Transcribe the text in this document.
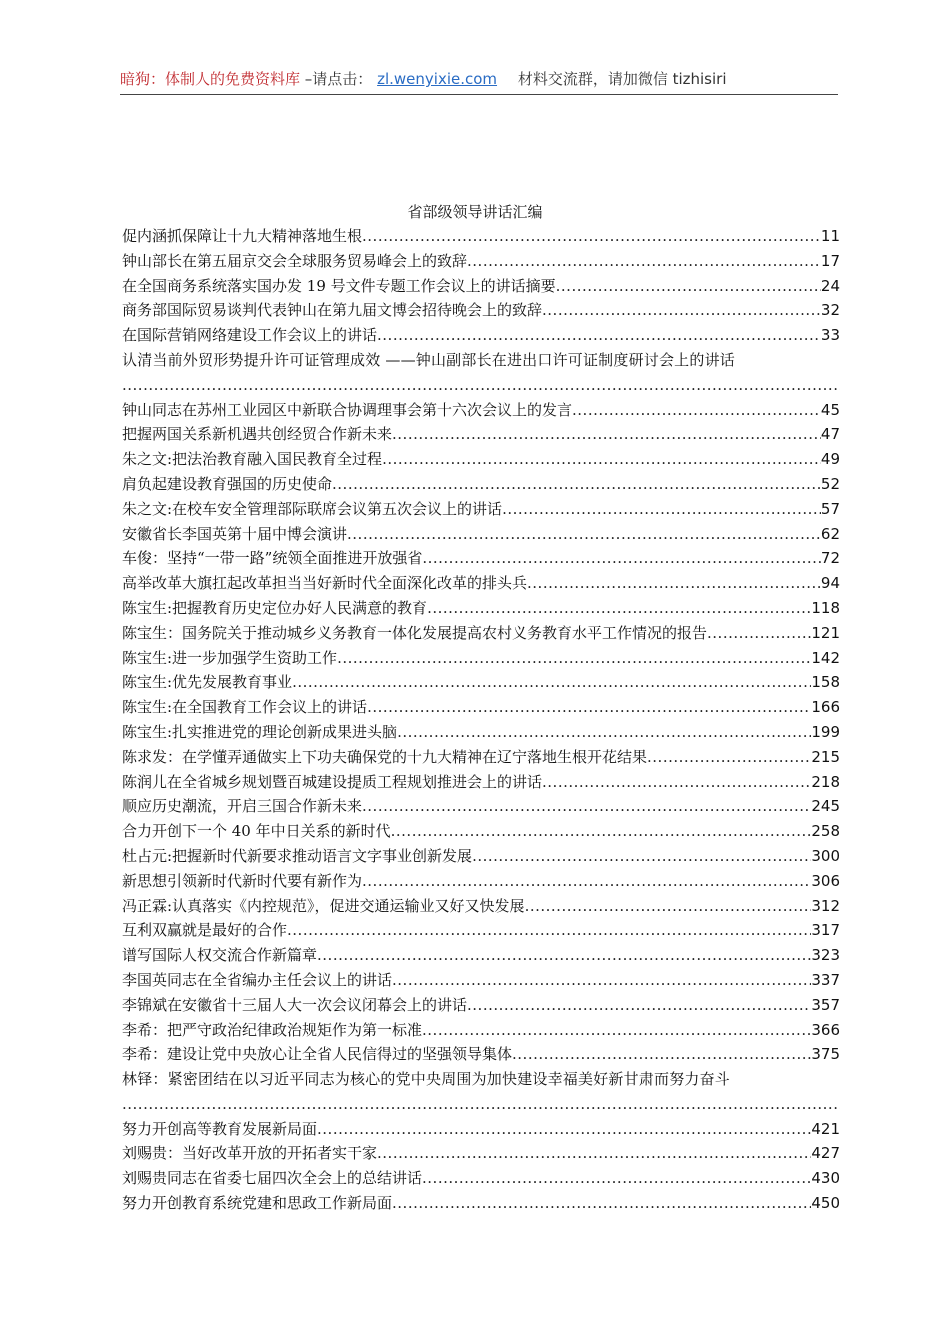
暗狗：体制人的免费资料库 –请点击： zl.wenyixie.com 材料交流群，请加微信 tizhisiri
省部级领导讲话汇编
促内涵抓保障让十九大精神落地生根 .....	11
钟山部长在第五届京交会全球服务贸易峰会上的致辞 .....	17
在全国商务系统落实国办发 19 号文件专题工作会议上的讲话摘要 .....	24
商务部国际贸易谈判代表钟山在第九届文博会招待晚会上的致辞 .....	32
在国际营销网络建设工作会议上的讲话 .....	33
认清当前外贸形势提升许可证管理成效 ——钟山副部长在进出口许可证制度研讨会上的讲话
.....
钟山同志在苏州工业园区中新联合协调理事会第十六次会议上的发言 .....	45
把握两国关系新机遇共创经贸合作新未来 .....	47
朱之文:把法治教育融入国民教育全过程 .....	49
肩负起建设教育强国的历史使命 .....	52
朱之文:在校车安全管理部际联席会议第五次会议上的讲话 .....	57
安徽省长李国英第十届中博会演讲 .....	62
车俊：坚持“一带一路”统领全面推进开放强省 .....	72
高举改革大旗扛起改革担当当好新时代全面深化改革的排头兵 .....	94
陈宝生:把握教育历史定位办好人民满意的教育 .....	118
陈宝生：国务院关于推动城乡义务教育一体化发展提高农村义务教育水平工作情况的报告 .....	121
陈宝生:进一步加强学生资助工作 .....	142
陈宝生:优先发展教育事业 .....	158
陈宝生:在全国教育工作会议上的讲话 .....	166
陈宝生:扎实推进党的理论创新成果进头脑 .....	199
陈求发：在学懂弄通做实上下功夫确保党的十九大精神在辽宁落地生根开花结果 .....	215
陈润儿在全省城乡规划暨百城建设提质工程规划推进会上的讲话 .....	218
顺应历史潮流，开启三国合作新未来 .....	245
合力开创下一个 40 年中日关系的新时代 .....	258
杜占元:把握新时代新要求推动语言文字事业创新发展 .....	300
新思想引领新时代新时代要有新作为 .....	306
冯正霖:认真落实《内控规范》，促进交通运输业又好又快发展 .....	312
互利双赢就是最好的合作 .....	317
谱写国际人权交流合作新篇章 .....	323
李国英同志在全省编办主任会议上的讲话 .....	337
李锦斌在安徽省十三届人大一次会议闭幕会上的讲话 .....	357
李希：把严守政治纪律政治规矩作为第一标准 .....	366
李希：建设让党中央放心让全省人民信得过的坚强领导集体 .....	375
林铎：紧密团结在以习近平同志为核心的党中央周围为加快建设幸福美好新甘肃而努力奋斗
.....
努力开创高等教育发展新局面 .....	421
刘赐贵：当好改革开放的开拓者实干家 .....	427
刘赐贵同志在省委七届四次全会上的总结讲话 .....	430
努力开创教育系统党建和思政工作新局面 .....	450
